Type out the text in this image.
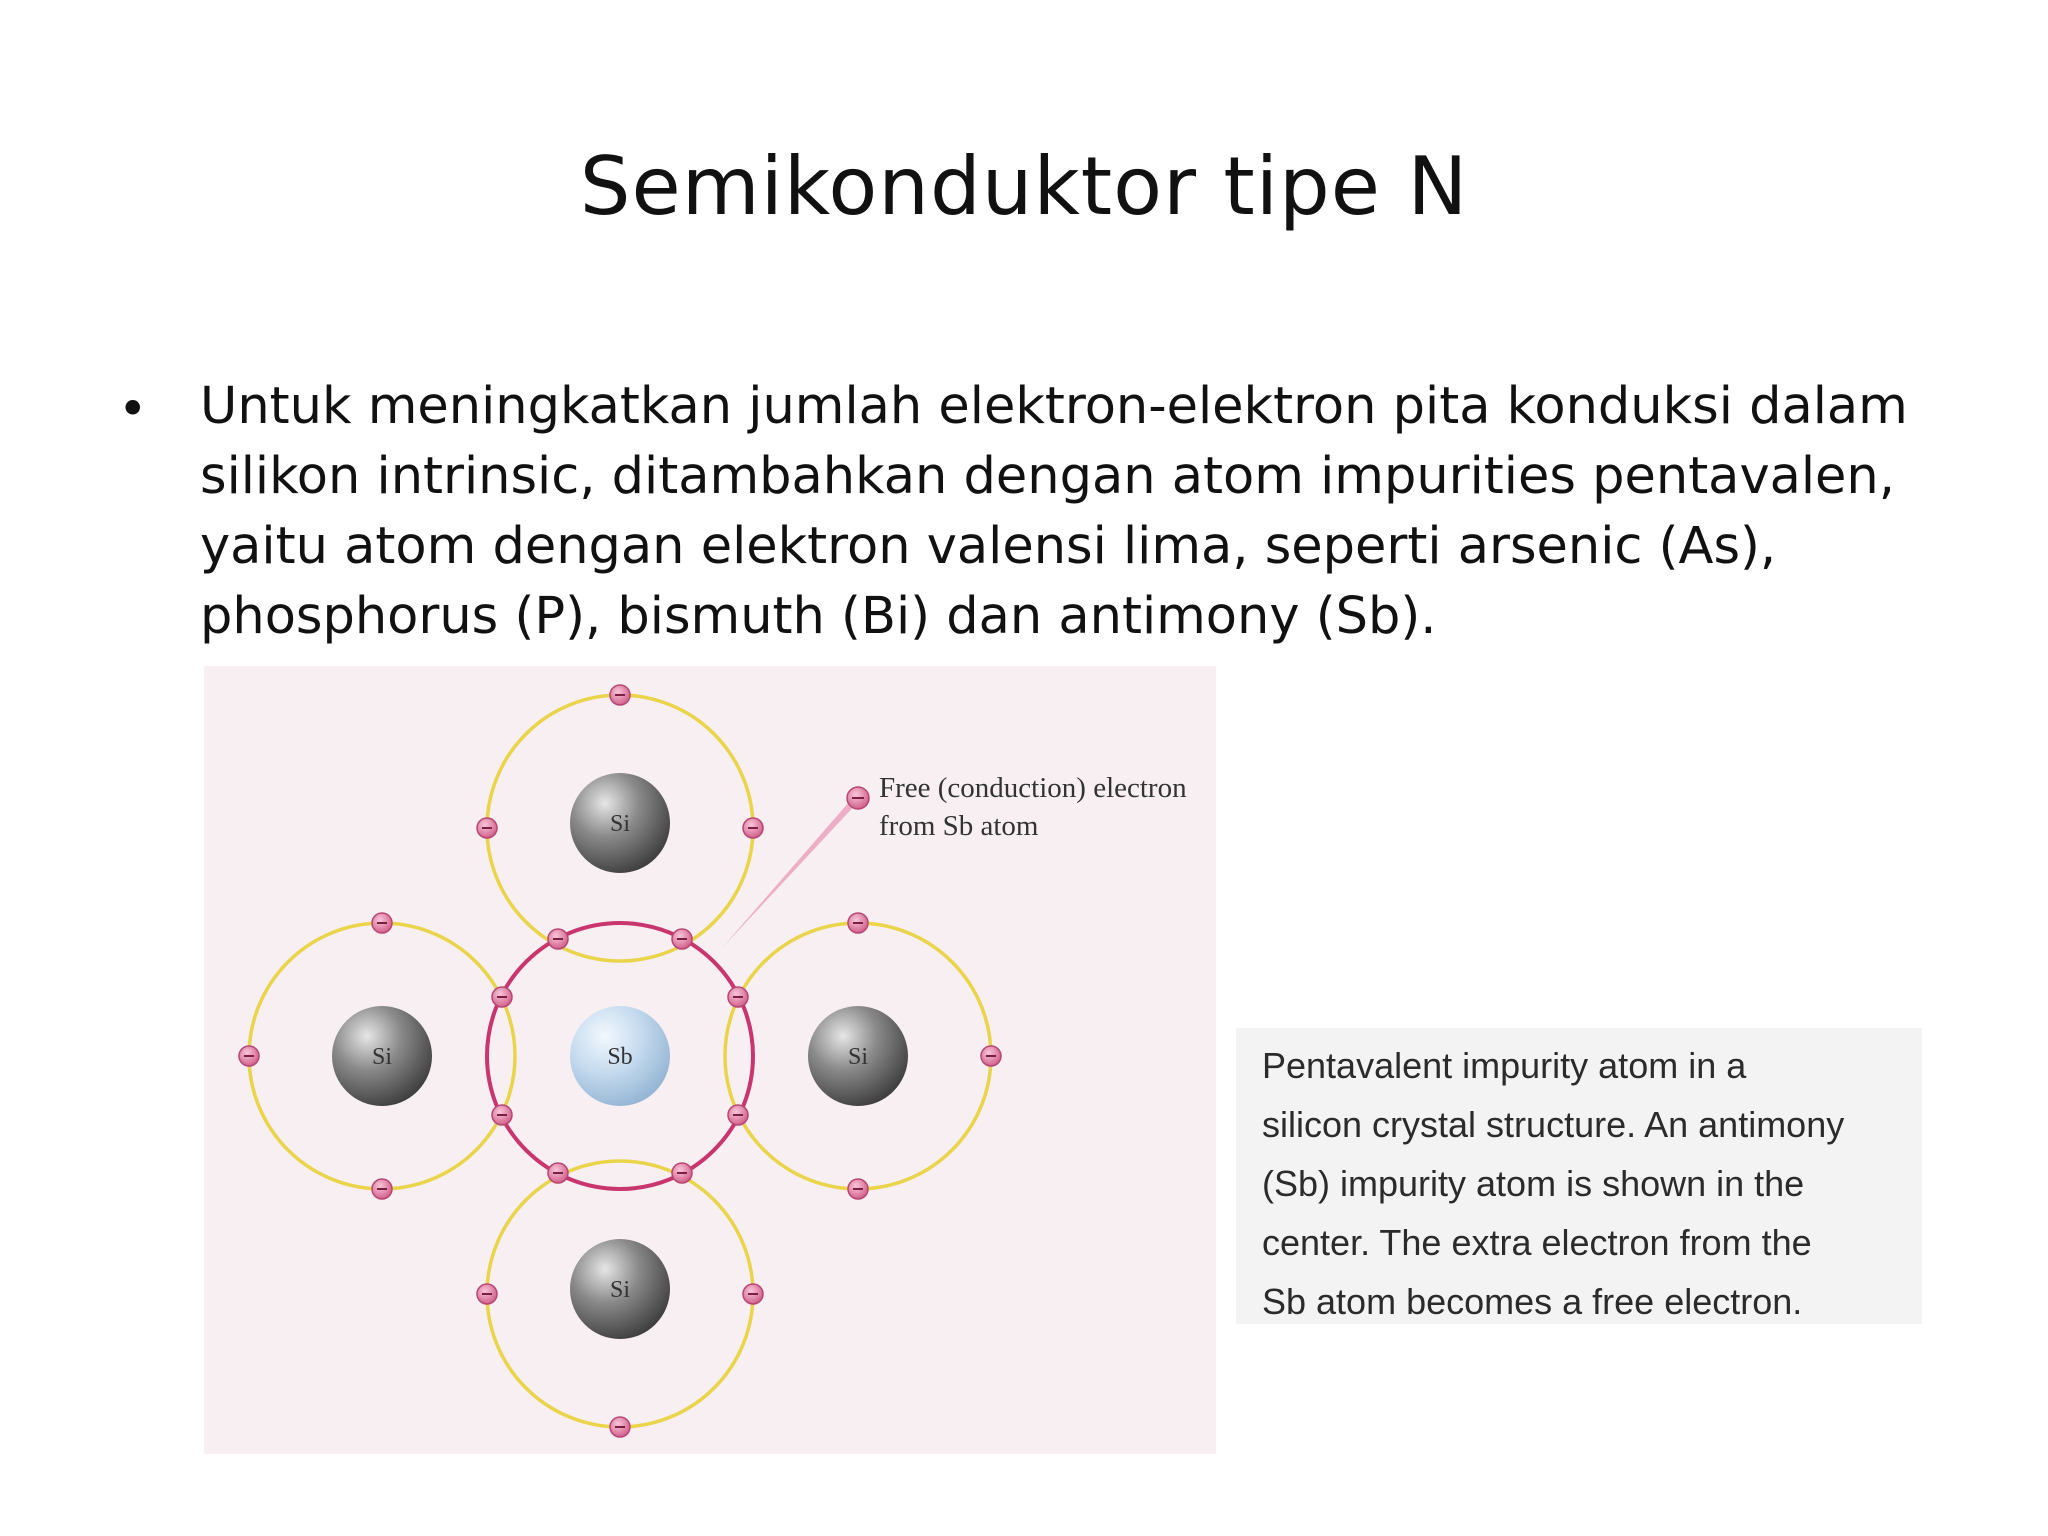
Semikonduktor tipe N
• Untuk meningkatkan jumlah elektron-elektron pita konduksi dalam
silikon intrinsic, ditambahkan dengan atom impurities pentavalen,
yaitu atom dengan elektron valensi lima, seperti arsenic (As),
phosphorus (P), bismuth (Bi) dan antimony (Sb).
Si
Si	Sb	Si
Si
Free (conduction) electron
from Sb atom
Pentavalent impurity atom in a
silicon crystal structure. An antimony
(Sb) impurity atom is shown in the
center. The extra electron from the
Sb atom becomes a free electron.
